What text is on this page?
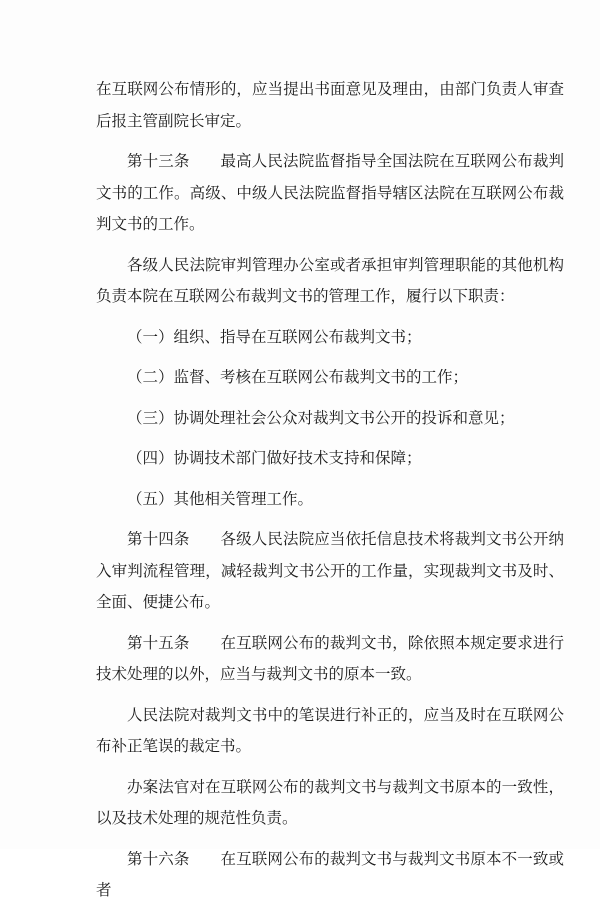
在互联网公布情形的，应当提出书面意见及理由，由部门负责人审查后报主管副院长审定。

第十三条 最高人民法院监督指导全国法院在互联网公布裁判文书的工作。高级、中级人民法院监督指导辖区法院在互联网公布裁判文书的工作。

各级人民法院审判管理办公室或者承担审判管理职能的其他机构负责本院在互联网公布裁判文书的管理工作，履行以下职责：

（一）组织、指导在互联网公布裁判文书；

（二）监督、考核在互联网公布裁判文书的工作；

（三）协调处理社会公众对裁判文书公开的投诉和意见；

（四）协调技术部门做好技术支持和保障；

（五）其他相关管理工作。

第十四条 各级人民法院应当依托信息技术将裁判文书公开纳入审判流程管理，减轻裁判文书公开的工作量，实现裁判文书及时、全面、便捷公布。

第十五条 在互联网公布的裁判文书，除依照本规定要求进行技术处理的以外，应当与裁判文书的原本一致。

人民法院对裁判文书中的笔误进行补正的，应当及时在互联网公布补正笔误的裁定书。

办案法官对在互联网公布的裁判文书与裁判文书原本的一致性，以及技术处理的规范性负责。

第十六条 在互联网公布的裁判文书与裁判文书原本不一致或者
